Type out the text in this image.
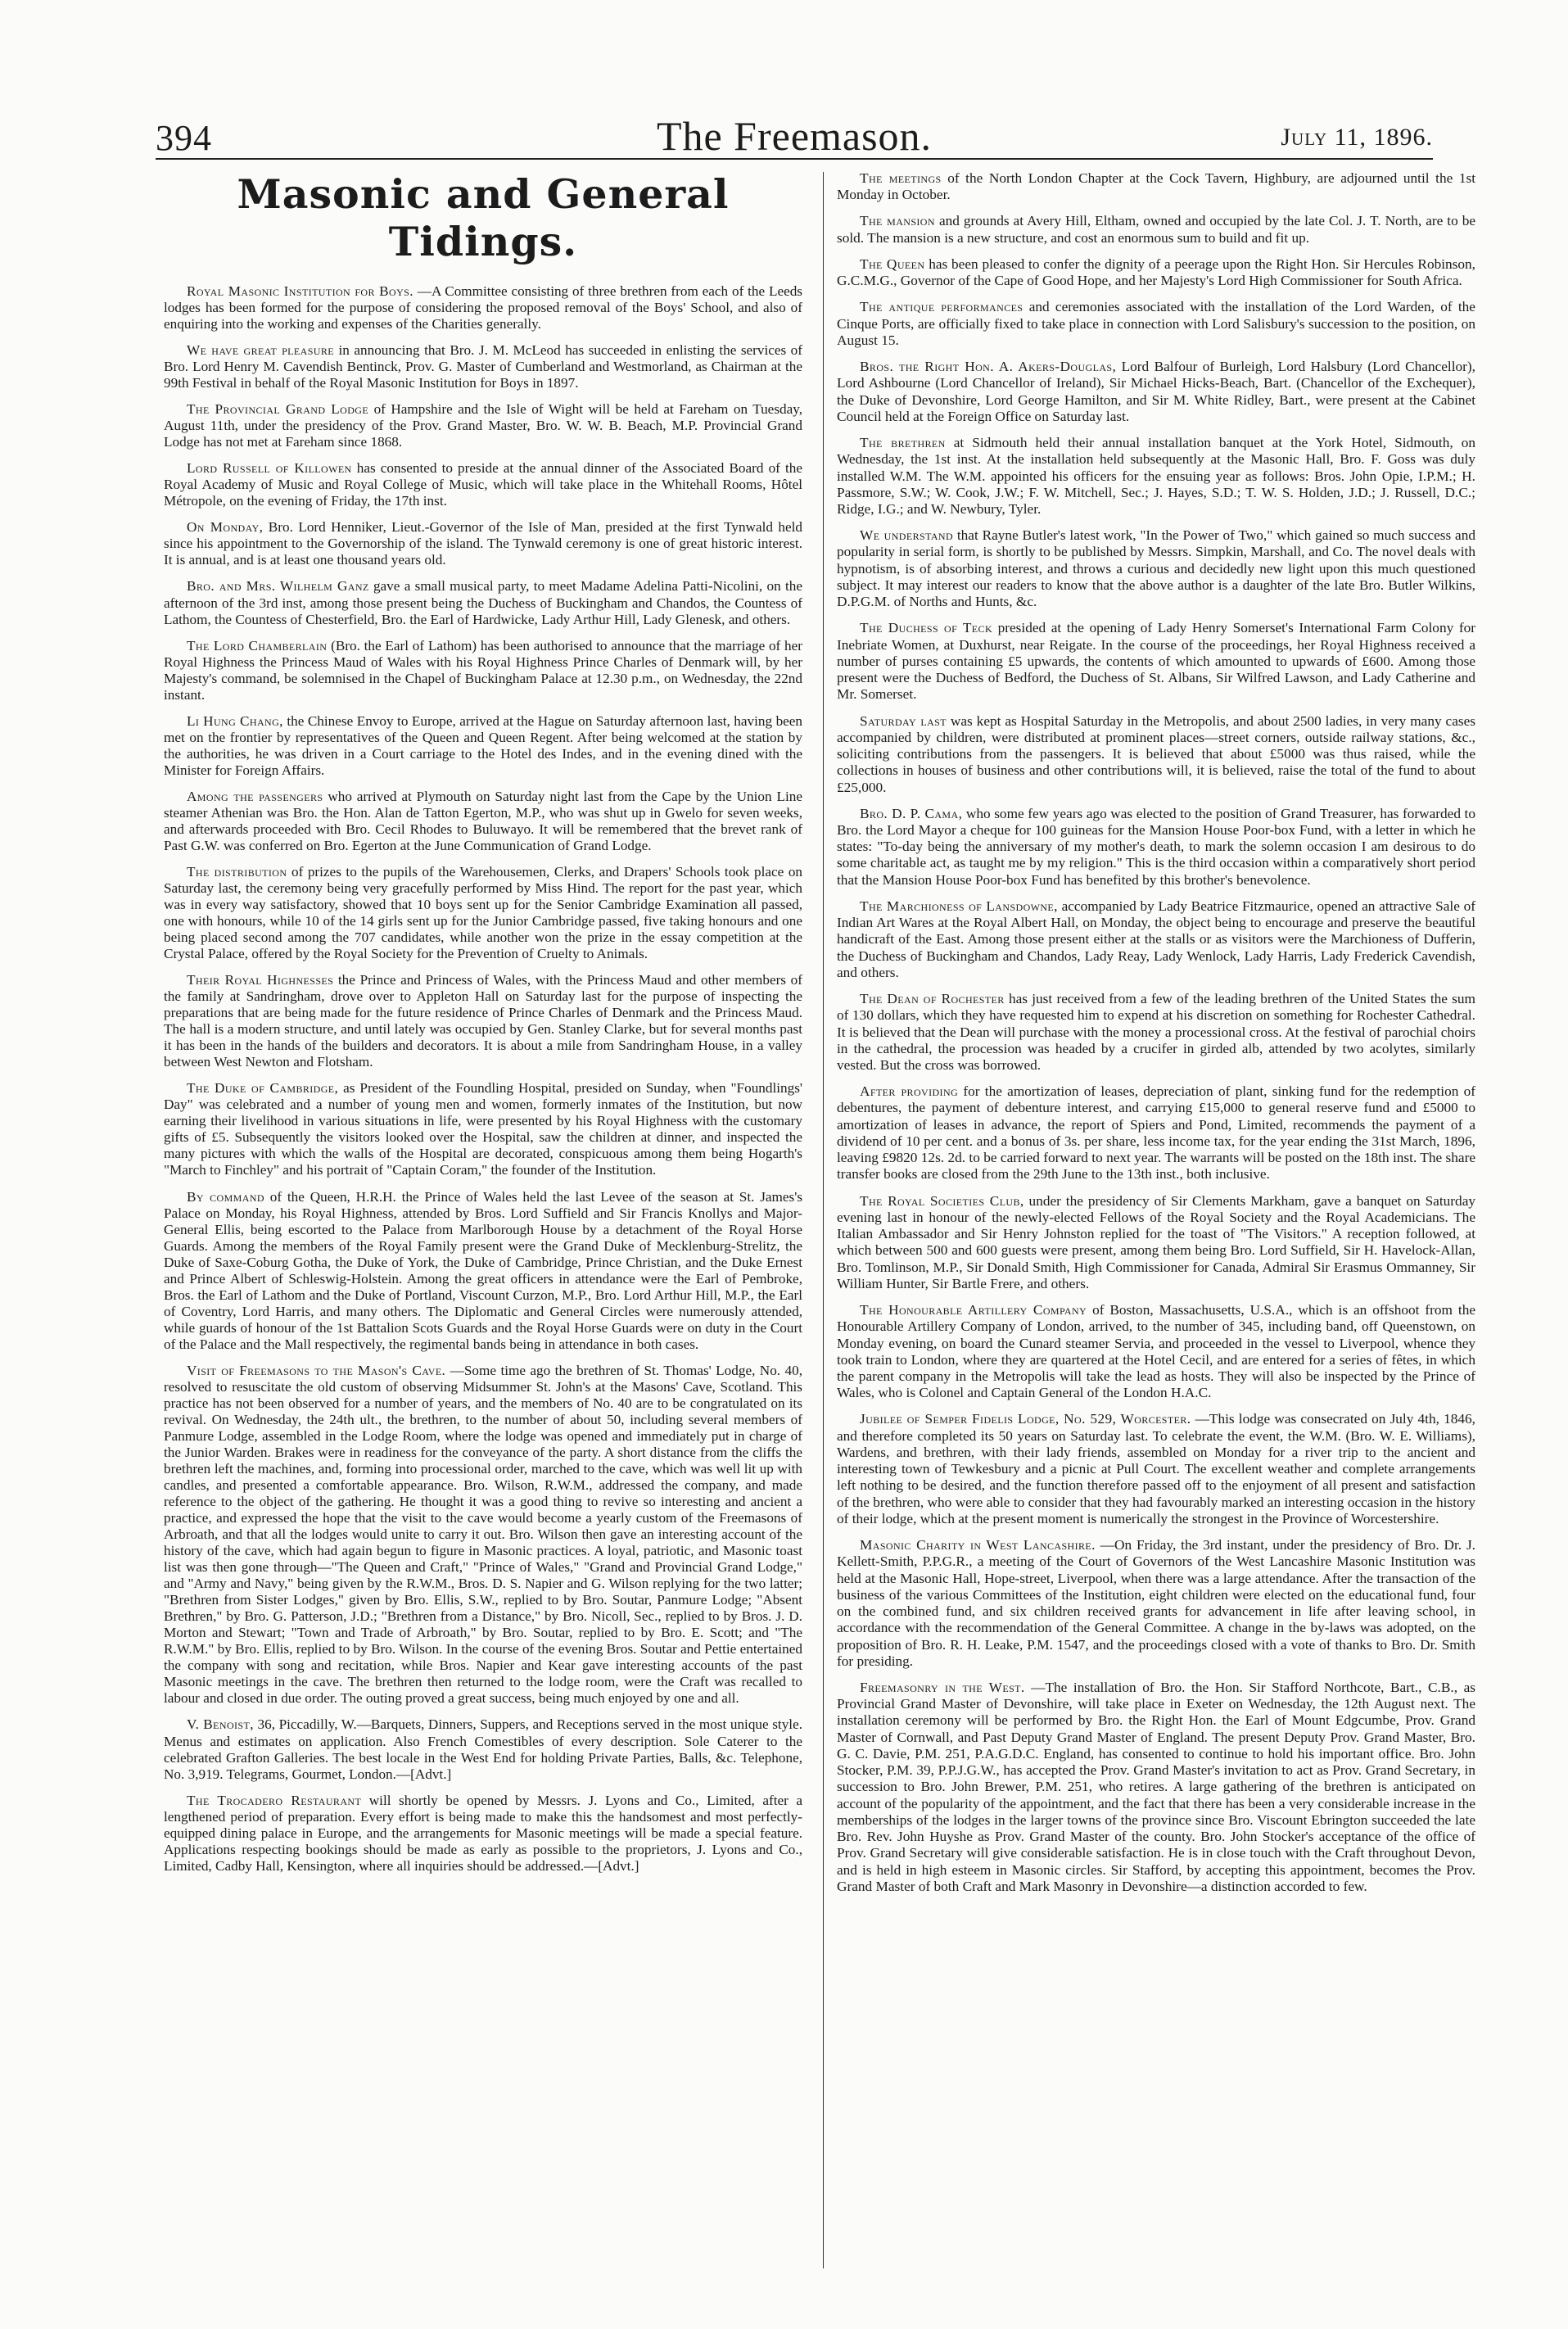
394	The Freemason.	July 11, 1896.
Masonic and General Tidings.

Royal Masonic Institution for Boys. —A Committee consisting of three brethren from each of the Leeds lodges has been formed for the purpose of considering the proposed removal of the Boys' School, and also of enquiring into the working and expenses of the Charities generally.

We have great pleasure in announcing that Bro. J. M. McLeod has succeeded in enlisting the services of Bro. Lord Henry M. Cavendish Bentinck, Prov. G. Master of Cumberland and Westmorland, as Chairman at the 99th Festival in behalf of the Royal Masonic Institution for Boys in 1897.

The Provincial Grand Lodge of Hampshire and the Isle of Wight will be held at Fareham on Tuesday, August 11th, under the presidency of the Prov. Grand Master, Bro. W. W. B. Beach, M.P. Provincial Grand Lodge has not met at Fareham since 1868.

Lord Russell of Killowen has consented to preside at the annual dinner of the Associated Board of the Royal Academy of Music and Royal College of Music, which will take place in the Whitehall Rooms, Hôtel Métropole, on the evening of Friday, the 17th inst.

On Monday, Bro. Lord Henniker, Lieut.-Governor of the Isle of Man, presided at the first Tynwald held since his appointment to the Governorship of the island. The Tynwald ceremony is one of great historic interest. It is annual, and is at least one thousand years old.

Bro. and Mrs. Wilhelm Ganz gave a small musical party, to meet Madame Adelina Patti-Nicolini, on the afternoon of the 3rd inst, among those present being the Duchess of Buckingham and Chandos, the Countess of Lathom, the Countess of Chesterfield, Bro. the Earl of Hardwicke, Lady Arthur Hill, Lady Glenesk, and others.

The Lord Chamberlain (Bro. the Earl of Lathom) has been authorised to announce that the marriage of her Royal Highness the Princess Maud of Wales with his Royal Highness Prince Charles of Denmark will, by her Majesty's command, be solemnised in the Chapel of Buckingham Palace at 12.30 p.m., on Wednesday, the 22nd instant.

Li Hung Chang, the Chinese Envoy to Europe, arrived at the Hague on Saturday afternoon last, having been met on the frontier by representatives of the Queen and Queen Regent. After being welcomed at the station by the authorities, he was driven in a Court carriage to the Hotel des Indes, and in the evening dined with the Minister for Foreign Affairs.

Among the passengers who arrived at Plymouth on Saturday night last from the Cape by the Union Line steamer Athenian was Bro. the Hon. Alan de Tatton Egerton, M.P., who was shut up in Gwelo for seven weeks, and afterwards proceeded with Bro. Cecil Rhodes to Buluwayo. It will be remembered that the brevet rank of Past G.W. was conferred on Bro. Egerton at the June Communication of Grand Lodge.

The distribution of prizes to the pupils of the Warehousemen, Clerks, and Drapers' Schools took place on Saturday last, the ceremony being very gracefully performed by Miss Hind. The report for the past year, which was in every way satisfactory, showed that 10 boys sent up for the Senior Cambridge Examination all passed, one with honours, while 10 of the 14 girls sent up for the Junior Cambridge passed, five taking honours and one being placed second among the 707 candidates, while another won the prize in the essay competition at the Crystal Palace, offered by the Royal Society for the Prevention of Cruelty to Animals.

Their Royal Highnesses the Prince and Princess of Wales, with the Princess Maud and other members of the family at Sandringham, drove over to Appleton Hall on Saturday last for the purpose of inspecting the preparations that are being made for the future residence of Prince Charles of Denmark and the Princess Maud. The hall is a modern structure, and until lately was occupied by Gen. Stanley Clarke, but for several months past it has been in the hands of the builders and decorators. It is about a mile from Sandringham House, in a valley between West Newton and Flotsham.

The Duke of Cambridge, as President of the Foundling Hospital, presided on Sunday, when "Foundlings' Day" was celebrated and a number of young men and women, formerly inmates of the Institution, but now earning their livelihood in various situations in life, were presented by his Royal Highness with the customary gifts of £5. Subsequently the visitors looked over the Hospital, saw the children at dinner, and inspected the many pictures with which the walls of the Hospital are decorated, conspicuous among them being Hogarth's "March to Finchley" and his portrait of "Captain Coram," the founder of the Institution.

By command of the Queen, H.R.H. the Prince of Wales held the last Levee of the season at St. James's Palace on Monday, his Royal Highness, attended by Bros. Lord Suffield and Sir Francis Knollys and Major-General Ellis, being escorted to the Palace from Marlborough House by a detachment of the Royal Horse Guards. Among the members of the Royal Family present were the Grand Duke of Mecklenburg-Strelitz, the Duke of Saxe-Coburg Gotha, the Duke of York, the Duke of Cambridge, Prince Christian, and the Duke Ernest and Prince Albert of Schleswig-Holstein. Among the great officers in attendance were the Earl of Pembroke, Bros. the Earl of Lathom and the Duke of Portland, Viscount Curzon, M.P., Bro. Lord Arthur Hill, M.P., the Earl of Coventry, Lord Harris, and many others. The Diplomatic and General Circles were numerously attended, while guards of honour of the 1st Battalion Scots Guards and the Royal Horse Guards were on duty in the Court of the Palace and the Mall respectively, the regimental bands being in attendance in both cases.

Visit of Freemasons to the Mason's Cave. —Some time ago the brethren of St. Thomas' Lodge, No. 40, resolved to resuscitate the old custom of observing Midsummer St. John's at the Masons' Cave, Scotland. This practice has not been observed for a number of years, and the members of No. 40 are to be congratulated on its revival. On Wednesday, the 24th ult., the brethren, to the number of about 50, including several members of Panmure Lodge, assembled in the Lodge Room, where the lodge was opened and immediately put in charge of the Junior Warden. Brakes were in readiness for the conveyance of the party. A short distance from the cliffs the brethren left the machines, and, forming into processional order, marched to the cave, which was well lit up with candles, and presented a comfortable appearance. Bro. Wilson, R.W.M., addressed the company, and made reference to the object of the gathering. He thought it was a good thing to revive so interesting and ancient a practice, and expressed the hope that the visit to the cave would become a yearly custom of the Freemasons of Arbroath, and that all the lodges would unite to carry it out. Bro. Wilson then gave an interesting account of the history of the cave, which had again begun to figure in Masonic practices. A loyal, patriotic, and Masonic toast list was then gone through—"The Queen and Craft," "Prince of Wales," "Grand and Provincial Grand Lodge," and "Army and Navy," being given by the R.W.M., Bros. D. S. Napier and G. Wilson replying for the two latter; "Brethren from Sister Lodges," given by Bro. Ellis, S.W., replied to by Bro. Soutar, Panmure Lodge; "Absent Brethren," by Bro. G. Patterson, J.D.; "Brethren from a Distance," by Bro. Nicoll, Sec., replied to by Bros. J. D. Morton and Stewart; "Town and Trade of Arbroath," by Bro. Soutar, replied to by Bro. E. Scott; and "The R.W.M." by Bro. Ellis, replied to by Bro. Wilson. In the course of the evening Bros. Soutar and Pettie entertained the company with song and recitation, while Bros. Napier and Kear gave interesting accounts of the past Masonic meetings in the cave. The brethren then returned to the lodge room, were the Craft was recalled to labour and closed in due order. The outing proved a great success, being much enjoyed by one and all.

V. Benoist, 36, Piccadilly, W.—Barquets, Dinners, Suppers, and Receptions served in the most unique style. Menus and estimates on application. Also French Comestibles of every description. Sole Caterer to the celebrated Grafton Galleries. The best locale in the West End for holding Private Parties, Balls, &c. Telephone, No. 3,919. Telegrams, Gourmet, London.—[Advt.]

The Trocadero Restaurant will shortly be opened by Messrs. J. Lyons and Co., Limited, after a lengthened period of preparation. Every effort is being made to make this the handsomest and most perfectly-equipped dining palace in Europe, and the arrangements for Masonic meetings will be made a special feature. Applications respecting bookings should be made as early as possible to the proprietors, J. Lyons and Co., Limited, Cadby Hall, Kensington, where all inquiries should be addressed.—[Advt.]

The meetings of the North London Chapter at the Cock Tavern, Highbury, are adjourned until the 1st Monday in October.

The mansion and grounds at Avery Hill, Eltham, owned and occupied by the late Col. J. T. North, are to be sold. The mansion is a new structure, and cost an enormous sum to build and fit up.

The Queen has been pleased to confer the dignity of a peerage upon the Right Hon. Sir Hercules Robinson, G.C.M.G., Governor of the Cape of Good Hope, and her Majesty's Lord High Commissioner for South Africa.

The antique performances and ceremonies associated with the installation of the Lord Warden, of the Cinque Ports, are officially fixed to take place in connection with Lord Salisbury's succession to the position, on August 15.

Bros. the Right Hon. A. Akers-Douglas, Lord Balfour of Burleigh, Lord Halsbury (Lord Chancellor), Lord Ashbourne (Lord Chancellor of Ireland), Sir Michael Hicks-Beach, Bart. (Chancellor of the Exchequer), the Duke of Devonshire, Lord George Hamilton, and Sir M. White Ridley, Bart., were present at the Cabinet Council held at the Foreign Office on Saturday last.

The brethren at Sidmouth held their annual installation banquet at the York Hotel, Sidmouth, on Wednesday, the 1st inst. At the installation held subsequently at the Masonic Hall, Bro. F. Goss was duly installed W.M. The W.M. appointed his officers for the ensuing year as follows: Bros. John Opie, I.P.M.; H. Passmore, S.W.; W. Cook, J.W.; F. W. Mitchell, Sec.; J. Hayes, S.D.; T. W. S. Holden, J.D.; J. Russell, D.C.; Ridge, I.G.; and W. Newbury, Tyler.

We understand that Rayne Butler's latest work, "In the Power of Two," which gained so much success and popularity in serial form, is shortly to be published by Messrs. Simpkin, Marshall, and Co. The novel deals with hypnotism, is of absorbing interest, and throws a curious and decidedly new light upon this much questioned subject. It may interest our readers to know that the above author is a daughter of the late Bro. Butler Wilkins, D.P.G.M. of Norths and Hunts, &c.

The Duchess of Teck presided at the opening of Lady Henry Somerset's International Farm Colony for Inebriate Women, at Duxhurst, near Reigate. In the course of the proceedings, her Royal Highness received a number of purses containing £5 upwards, the contents of which amounted to upwards of £600. Among those present were the Duchess of Bedford, the Duchess of St. Albans, Sir Wilfred Lawson, and Lady Catherine and Mr. Somerset.

Saturday last was kept as Hospital Saturday in the Metropolis, and about 2500 ladies, in very many cases accompanied by children, were distributed at prominent places—street corners, outside railway stations, &c., soliciting contributions from the passengers. It is believed that about £5000 was thus raised, while the collections in houses of business and other contributions will, it is believed, raise the total of the fund to about £25,000.

Bro. D. P. Cama, who some few years ago was elected to the position of Grand Treasurer, has forwarded to Bro. the Lord Mayor a cheque for 100 guineas for the Mansion House Poor-box Fund, with a letter in which he states: "To-day being the anniversary of my mother's death, to mark the solemn occasion I am desirous to do some charitable act, as taught me by my religion." This is the third occasion within a comparatively short period that the Mansion House Poor-box Fund has benefited by this brother's benevolence.

The Marchioness of Lansdowne, accompanied by Lady Beatrice Fitzmaurice, opened an attractive Sale of Indian Art Wares at the Royal Albert Hall, on Monday, the object being to encourage and preserve the beautiful handicraft of the East. Among those present either at the stalls or as visitors were the Marchioness of Dufferin, the Duchess of Buckingham and Chandos, Lady Reay, Lady Wenlock, Lady Harris, Lady Frederick Cavendish, and others.

The Dean of Rochester has just received from a few of the leading brethren of the United States the sum of 130 dollars, which they have requested him to expend at his discretion on something for Rochester Cathedral. It is believed that the Dean will purchase with the money a processional cross. At the festival of parochial choirs in the cathedral, the procession was headed by a crucifer in girded alb, attended by two acolytes, similarly vested. But the cross was borrowed.

After providing for the amortization of leases, depreciation of plant, sinking fund for the redemption of debentures, the payment of debenture interest, and carrying £15,000 to general reserve fund and £5000 to amortization of leases in advance, the report of Spiers and Pond, Limited, recommends the payment of a dividend of 10 per cent. and a bonus of 3s. per share, less income tax, for the year ending the 31st March, 1896, leaving £9820 12s. 2d. to be carried forward to next year. The warrants will be posted on the 18th inst. The share transfer books are closed from the 29th June to the 13th inst., both inclusive.

The Royal Societies Club, under the presidency of Sir Clements Markham, gave a banquet on Saturday evening last in honour of the newly-elected Fellows of the Royal Society and the Royal Academicians. The Italian Ambassador and Sir Henry Johnston replied for the toast of "The Visitors." A reception followed, at which between 500 and 600 guests were present, among them being Bro. Lord Suffield, Sir H. Havelock-Allan, Bro. Tomlinson, M.P., Sir Donald Smith, High Commissioner for Canada, Admiral Sir Erasmus Ommanney, Sir William Hunter, Sir Bartle Frere, and others.

The Honourable Artillery Company of Boston, Massachusetts, U.S.A., which is an offshoot from the Honourable Artillery Company of London, arrived, to the number of 345, including band, off Queenstown, on Monday evening, on board the Cunard steamer Servia, and proceeded in the vessel to Liverpool, whence they took train to London, where they are quartered at the Hotel Cecil, and are entered for a series of fêtes, in which the parent company in the Metropolis will take the lead as hosts. They will also be inspected by the Prince of Wales, who is Colonel and Captain General of the London H.A.C.

Jubilee of Semper Fidelis Lodge, No. 529, Worcester. —This lodge was consecrated on July 4th, 1846, and therefore completed its 50 years on Saturday last. To celebrate the event, the W.M. (Bro. W. E. Williams), Wardens, and brethren, with their lady friends, assembled on Monday for a river trip to the ancient and interesting town of Tewkesbury and a picnic at Pull Court. The excellent weather and complete arrangements left nothing to be desired, and the function therefore passed off to the enjoyment of all present and satisfaction of the brethren, who were able to consider that they had favourably marked an interesting occasion in the history of their lodge, which at the present moment is numerically the strongest in the Province of Worcestershire.

Masonic Charity in West Lancashire. —On Friday, the 3rd instant, under the presidency of Bro. Dr. J. Kellett-Smith, P.P.G.R., a meeting of the Court of Governors of the West Lancashire Masonic Institution was held at the Masonic Hall, Hope-street, Liverpool, when there was a large attendance. After the transaction of the business of the various Committees of the Institution, eight children were elected on the educational fund, four on the combined fund, and six children received grants for advancement in life after leaving school, in accordance with the recommendation of the General Committee. A change in the by-laws was adopted, on the proposition of Bro. R. H. Leake, P.M. 1547, and the proceedings closed with a vote of thanks to Bro. Dr. Smith for presiding.

Freemasonry in the West. —The installation of Bro. the Hon. Sir Stafford Northcote, Bart., C.B., as Provincial Grand Master of Devonshire, will take place in Exeter on Wednesday, the 12th August next. The installation ceremony will be performed by Bro. the Right Hon. the Earl of Mount Edgcumbe, Prov. Grand Master of Cornwall, and Past Deputy Grand Master of England. The present Deputy Prov. Grand Master, Bro. G. C. Davie, P.M. 251, P.A.G.D.C. England, has consented to continue to hold his important office. Bro. John Stocker, P.M. 39, P.P.J.G.W., has accepted the Prov. Grand Master's invitation to act as Prov. Grand Secretary, in succession to Bro. John Brewer, P.M. 251, who retires. A large gathering of the brethren is anticipated on account of the popularity of the appointment, and the fact that there has been a very considerable increase in the memberships of the lodges in the larger towns of the province since Bro. Viscount Ebrington succeeded the late Bro. Rev. John Huyshe as Prov. Grand Master of the county. Bro. John Stocker's acceptance of the office of Prov. Grand Secretary will give considerable satisfaction. He is in close touch with the Craft throughout Devon, and is held in high esteem in Masonic circles. Sir Stafford, by accepting this appointment, becomes the Prov. Grand Master of both Craft and Mark Masonry in Devonshire—a distinction accorded to few.
